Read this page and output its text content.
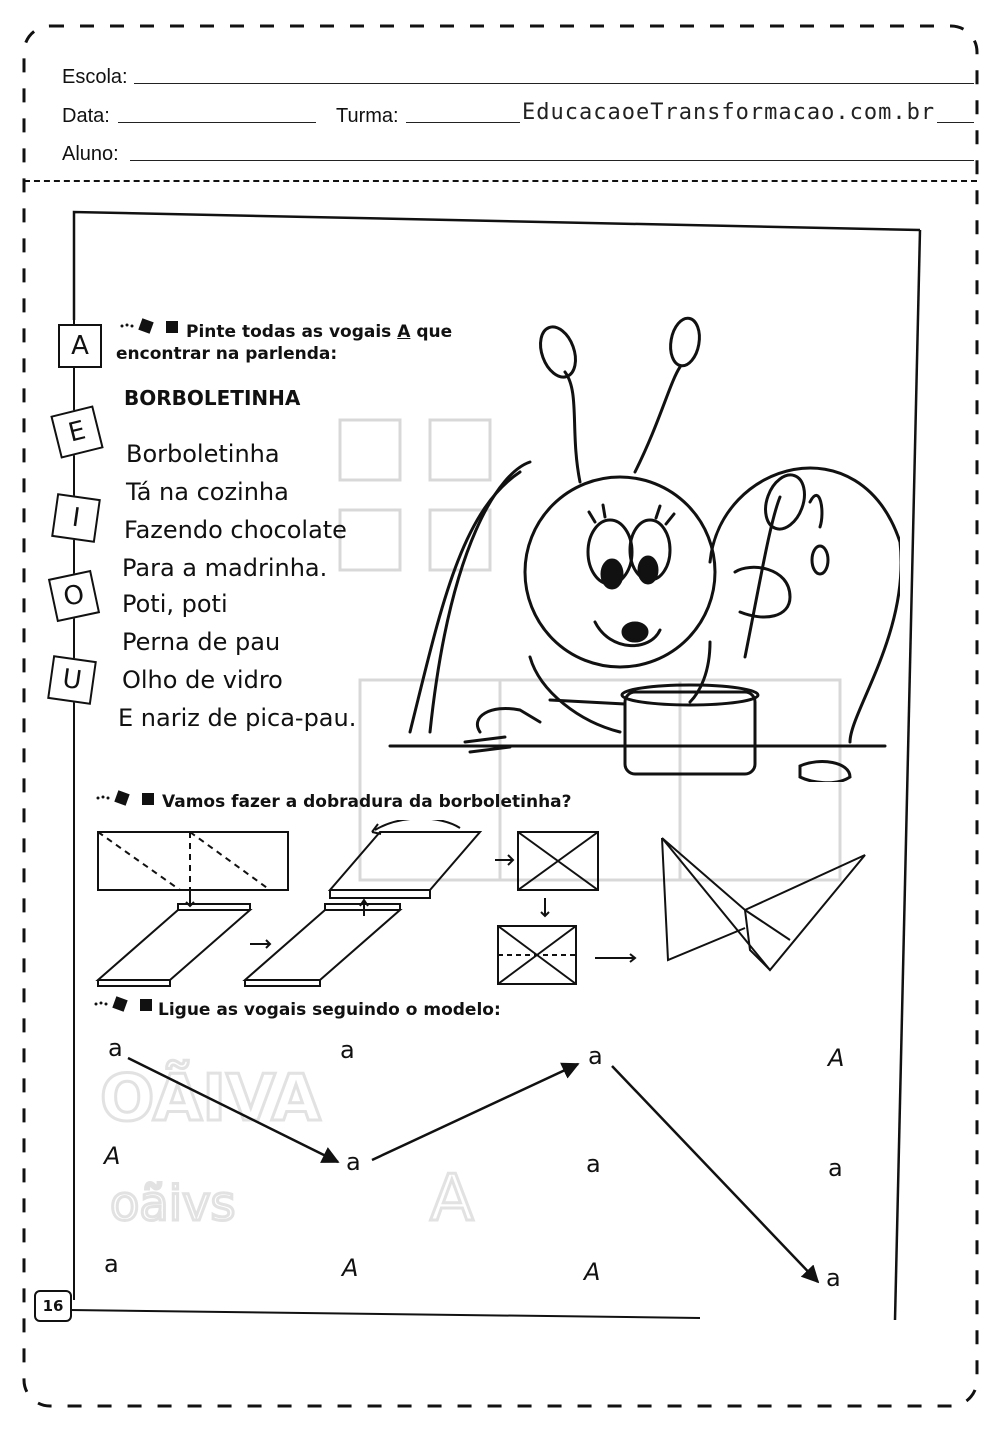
Escola:
Data:	Turma:	EducacaoeTransformacao.com.br
Aluno:
OÃIVA
oãivs	A
A
E
I
O
U
Pinte todas as vogais A que
encontrar na parlenda:
BORBOLETINHA
Borboletinha
Tá na cozinha
Fazendo chocolate
Para a madrinha.
Poti, poti
Perna de pau
Olho de vidro
E nariz de pica-pau.
Vamos fazer a dobradura da borboletinha?
Ligue as vogais seguindo o modelo:
a	a	a	A
A	a	a	a
a	A	A	a
16
